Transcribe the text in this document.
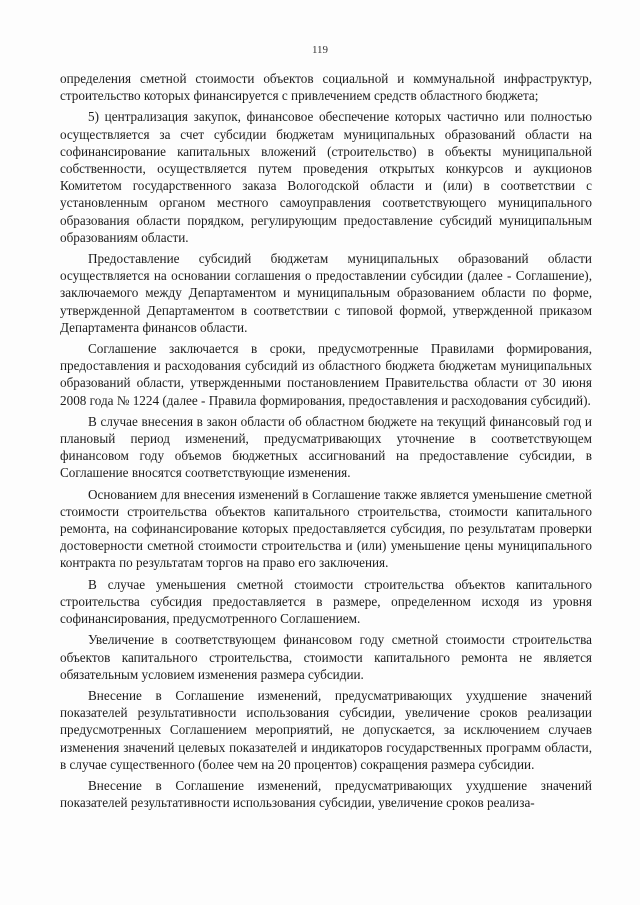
119

определения сметной стоимости объектов социальной и коммунальной инфраструктур, строительство которых финансируется с привлечением средств областного бюджета;

5) централизация закупок, финансовое обеспечение которых частично или полностью осуществляется за счет субсидии бюджетам муниципальных образований области на софинансирование капитальных вложений (строительство) в объекты муниципальной собственности, осуществляется путем проведения открытых конкурсов и аукционов Комитетом государственного заказа Вологодской области и (или) в соответствии с установленным органом местного самоуправления соответствующего муниципального образования области порядком, регулирующим предоставление субсидий муниципальным образованиям области.

Предоставление субсидий бюджетам муниципальных образований области осуществляется на основании соглашения о предоставлении субсидии (далее - Соглашение), заключаемого между Департаментом и муниципальным образованием области по форме, утвержденной Департаментом в соответствии с типовой формой, утвержденной приказом Департамента финансов области.

Соглашение заключается в сроки, предусмотренные Правилами формирования, предоставления и расходования субсидий из областного бюджета бюджетам муниципальных образований области, утвержденными постановлением Правительства области от 30 июня 2008 года № 1224 (далее - Правила формирования, предоставления и расходования субсидий).

В случае внесения в закон области об областном бюджете на текущий финансовый год и плановый период изменений, предусматривающих уточнение в соответствующем финансовом году объемов бюджетных ассигнований на предоставление субсидии, в Соглашение вносятся соответствующие изменения.

Основанием для внесения изменений в Соглашение также является уменьшение сметной стоимости строительства объектов капитального строительства, стоимости капитального ремонта, на софинансирование которых предоставляется субсидия, по результатам проверки достоверности сметной стоимости строительства и (или) уменьшение цены муниципального контракта по результатам торгов на право его заключения.

В случае уменьшения сметной стоимости строительства объектов капитального строительства субсидия предоставляется в размере, определенном исходя из уровня софинансирования, предусмотренного Соглашением.

Увеличение в соответствующем финансовом году сметной стоимости строительства объектов капитального строительства, стоимости капитального ремонта не является обязательным условием изменения размера субсидии.

Внесение в Соглашение изменений, предусматривающих ухудшение значений показателей результативности использования субсидии, увеличение сроков реализации предусмотренных Соглашением мероприятий, не допускается, за исключением случаев изменения значений целевых показателей и индикаторов государственных программ области, в случае существенного (более чем на 20 процентов) сокращения размера субсидии.

Внесение в Соглашение изменений, предусматривающих ухудшение значений показателей результативности использования субсидии, увеличение сроков реализа-
